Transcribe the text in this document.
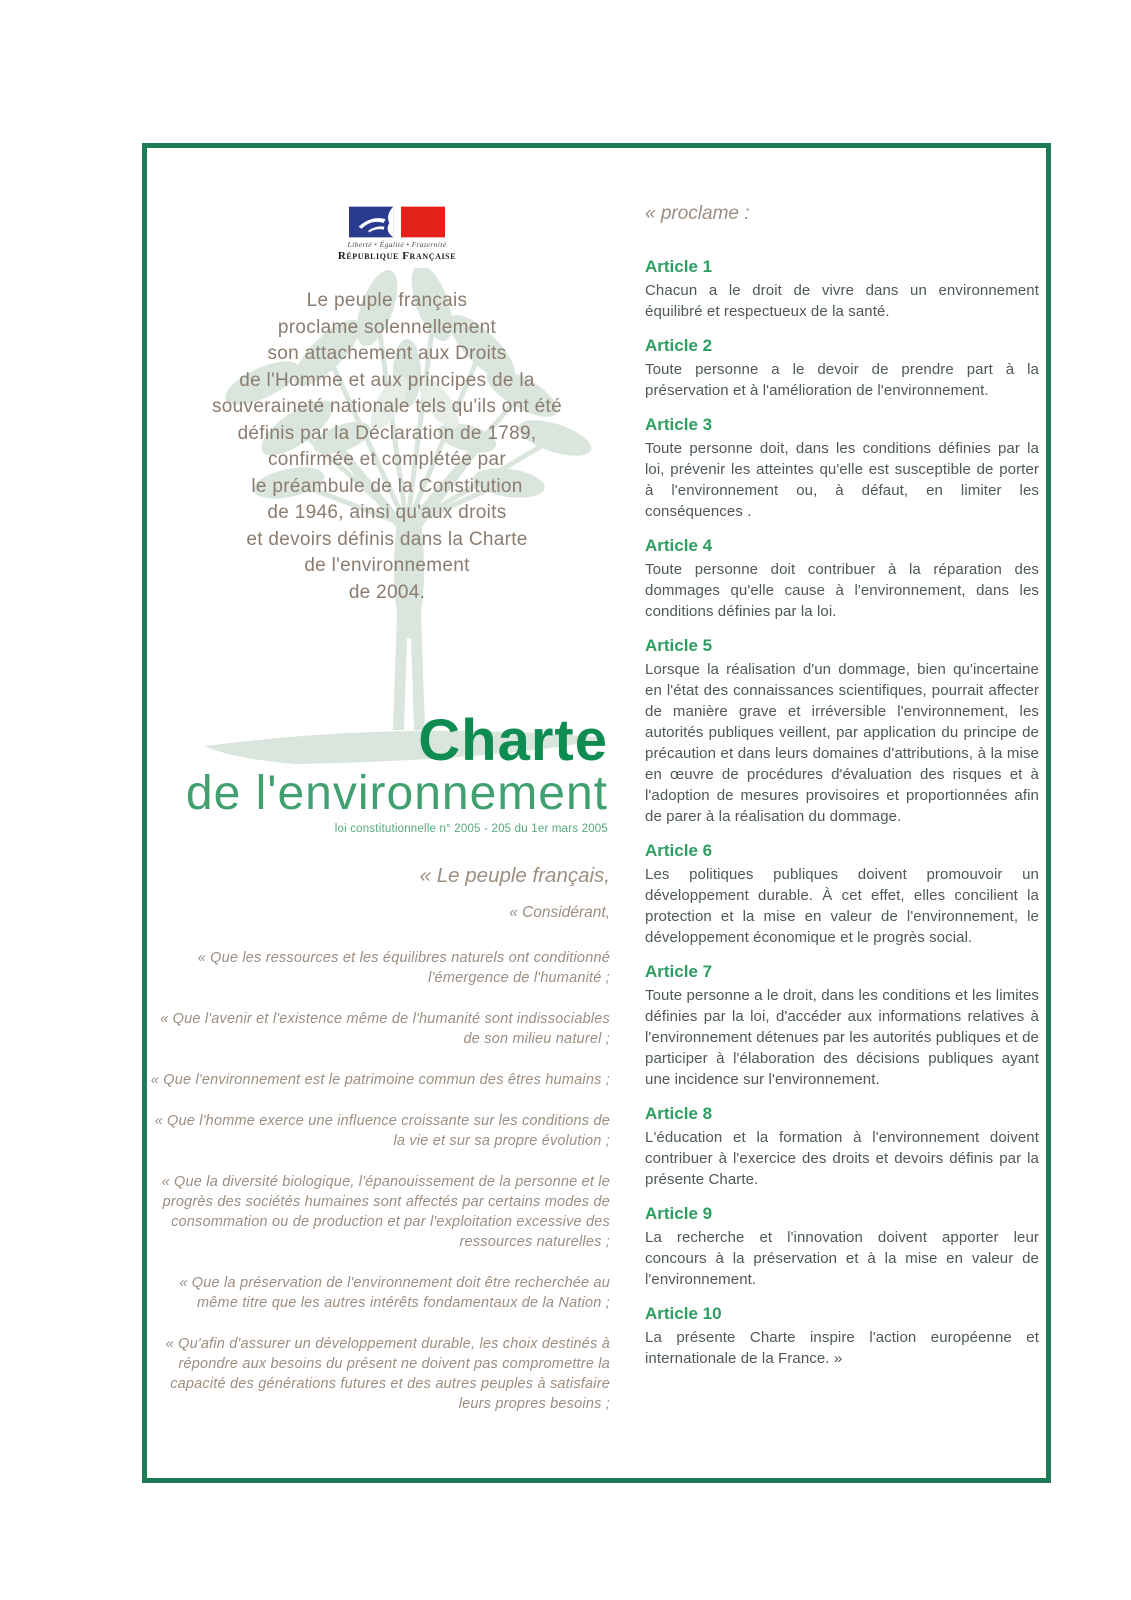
Liberté • Égalité • Fraternité
République Française
Le peuple français
proclame solennellement
son attachement aux Droits
de l'Homme et aux principes de la
souveraineté nationale tels qu'ils ont été
définis par la Déclaration de 1789,
confirmée et complétée par
le préambule de la Constitution
de 1946, ainsi qu'aux droits
et devoirs définis dans la Charte
de l'environnement
de 2004.
Charte
de l'environnement
loi constitutionnelle n° 2005 - 205 du 1er mars 2005
« Le peuple français,
« Considérant,
« Que les ressources et les équilibres naturels ont conditionné l'émergence de l'humanité ;
« Que l'avenir et l'existence même de l'humanité sont indissociables de son milieu naturel ;
« Que l'environnement est le patrimoine commun des êtres humains ;
« Que l'homme exerce une influence croissante sur les conditions de la vie et sur sa propre évolution ;
« Que la diversité biologique, l'épanouissement de la personne et le progrès des sociétés humaines sont affectés par certains modes de consommation ou de production et par l'exploitation excessive des ressources naturelles ;
« Que la préservation de l'environnement doit être recherchée au même titre que les autres intérêts fondamentaux de la Nation ;
« Qu'afin d'assurer un développement durable, les choix destinés à répondre aux besoins du présent ne doivent pas compromettre la capacité des générations futures et des autres peuples à satisfaire leurs propres besoins ;
« proclame :
Article 1
Chacun a le droit de vivre dans un environnement équilibré et respectueux de la santé.
Article 2
Toute personne a le devoir de prendre part à la préservation et à l'amélioration de l'environnement.
Article 3
Toute personne doit, dans les conditions définies par la loi, prévenir les atteintes qu'elle est susceptible de porter à l'environnement ou, à défaut, en limiter les conséquences .
Article 4
Toute personne doit contribuer à la réparation des dommages qu'elle cause à l'environnement, dans les conditions définies par la loi.
Article 5
Lorsque la réalisation d'un dommage, bien qu'incertaine en l'état des connaissances scientifiques, pourrait affecter de manière grave et irréversible l'environnement, les autorités publiques veillent, par application du principe de précaution et dans leurs domaines d'attributions, à la mise en œuvre de procédures d'évaluation des risques et à l'adoption de mesures provisoires et proportionnées afin de parer à la réalisation du dommage.
Article 6
Les politiques publiques doivent promouvoir un développement durable. À cet effet, elles concilient la protection et la mise en valeur de l'environnement, le développement économique et le progrès social.
Article 7
Toute personne a le droit, dans les conditions et les limites définies par la loi, d'accéder aux informations relatives à l'environnement détenues par les autorités publiques et de participer à l'élaboration des décisions publiques ayant une incidence sur l'environnement.
Article 8
L'éducation et la formation à l'environnement doivent contribuer à l'exercice des droits et devoirs définis par la présente Charte.
Article 9
La recherche et l'innovation doivent apporter leur concours à la préservation et à la mise en valeur de l'environnement.
Article 10
La présente Charte inspire l'action européenne et internationale de la France. »
